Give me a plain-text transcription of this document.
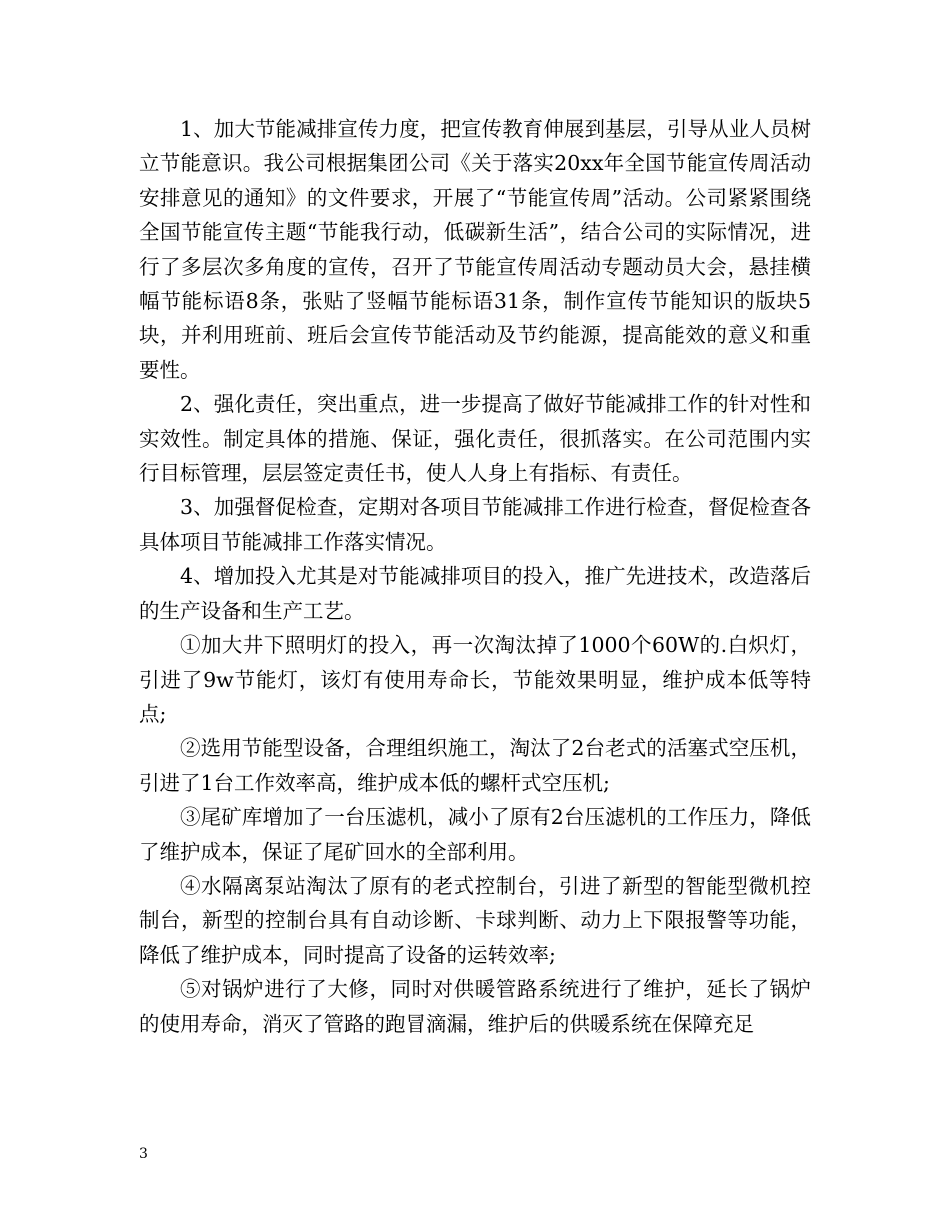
1、加大节能减排宣传力度，把宣传教育伸展到基层，引导从业人员树立节能意识。我公司根据集团公司《关于落实20xx年全国节能宣传周活动安排意见的通知》的文件要求，开展了“节能宣传周”活动。公司紧紧围绕全国节能宣传主题“节能我行动，低碳新生活”，结合公司的实际情况，进行了多层次多角度的宣传，召开了节能宣传周活动专题动员大会，悬挂横幅节能标语8条，张贴了竖幅节能标语31条，制作宣传节能知识的版块5块，并利用班前、班后会宣传节能活动及节约能源，提高能效的意义和重要性。

2、强化责任，突出重点，进一步提高了做好节能减排工作的针对性和实效性。制定具体的措施、保证，强化责任，很抓落实。在公司范围内实行目标管理，层层签定责任书，使人人身上有指标、有责任。

3、加强督促检查，定期对各项目节能减排工作进行检查，督促检查各具体项目节能减排工作落实情况。

4、增加投入尤其是对节能减排项目的投入，推广先进技术，改造落后的生产设备和生产工艺。

①加大井下照明灯的投入，再一次淘汰掉了1000个60W的.白炽灯，引进了9w节能灯，该灯有使用寿命长，节能效果明显，维护成本低等特点;

②选用节能型设备，合理组织施工，淘汰了2台老式的活塞式空压机，引进了1台工作效率高，维护成本低的螺杆式空压机;

③尾矿库增加了一台压滤机，减小了原有2台压滤机的工作压力，降低了维护成本，保证了尾矿回水的全部利用。

④水隔离泵站淘汰了原有的老式控制台，引进了新型的智能型微机控制台，新型的控制台具有自动诊断、卡球判断、动力上下限报警等功能，降低了维护成本，同时提高了设备的运转效率;

⑤对锅炉进行了大修，同时对供暖管路系统进行了维护，延长了锅炉的使用寿命，消灭了管路的跑冒滴漏，维护后的供暖系统在保障充足

3
